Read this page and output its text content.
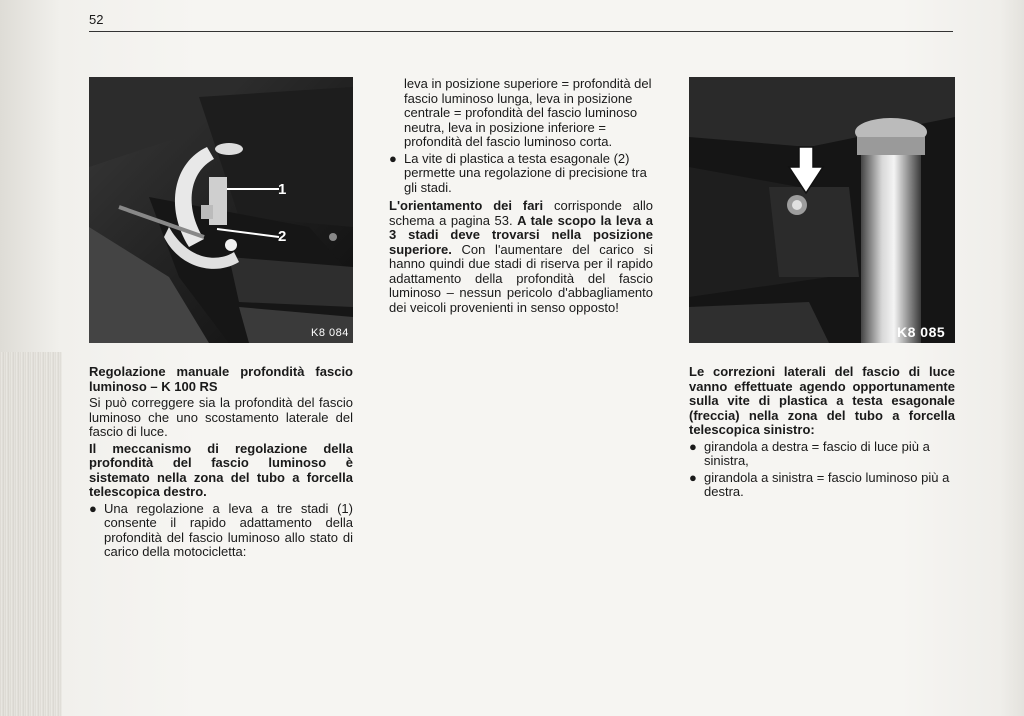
52
1
2
K8 084	K8 085

Regolazione manuale profondità fascio luminoso – K 100 RS

Si può correggere sia la profondità del fascio luminoso che uno scostamento laterale del fascio di luce.

Il meccanismo di regolazione della profondità del fascio luminoso è sistemato nella zona del tubo a forcella telescopica destro.

● Una regolazione a leva a tre stadi (1) consente il rapido adattamento della profondità del fascio luminoso allo stato di carico della motocicletta:
leva in posizione superiore = profondità del fascio luminoso lunga, leva in posizione centrale = profondità del fascio luminoso neutra, leva in posizione inferiore = profondità del fascio luminoso corta.
● La vite di plastica a testa esagonale (2) permette una regolazione di precisione tra gli stadi.

L'orientamento dei fari corrisponde allo schema a pagina 53. A tale scopo la leva a 3 stadi deve trovarsi nella posizione superiore. Con l'aumentare del carico si hanno quindi due stadi di riserva per il rapido adattamento della profondità del fascio luminoso – nessun pericolo d'abbagliamento dei veicoli provenienti in senso opposto!

Le correzioni laterali del fascio di luce vanno effettuate agendo opportunamente sulla vite di plastica a testa esagonale (freccia) nella zona del tubo a forcella telescopica sinistro:

● girandola a destra = fascio di luce più a sinistra,
● girandola a sinistra = fascio luminoso più a destra.
